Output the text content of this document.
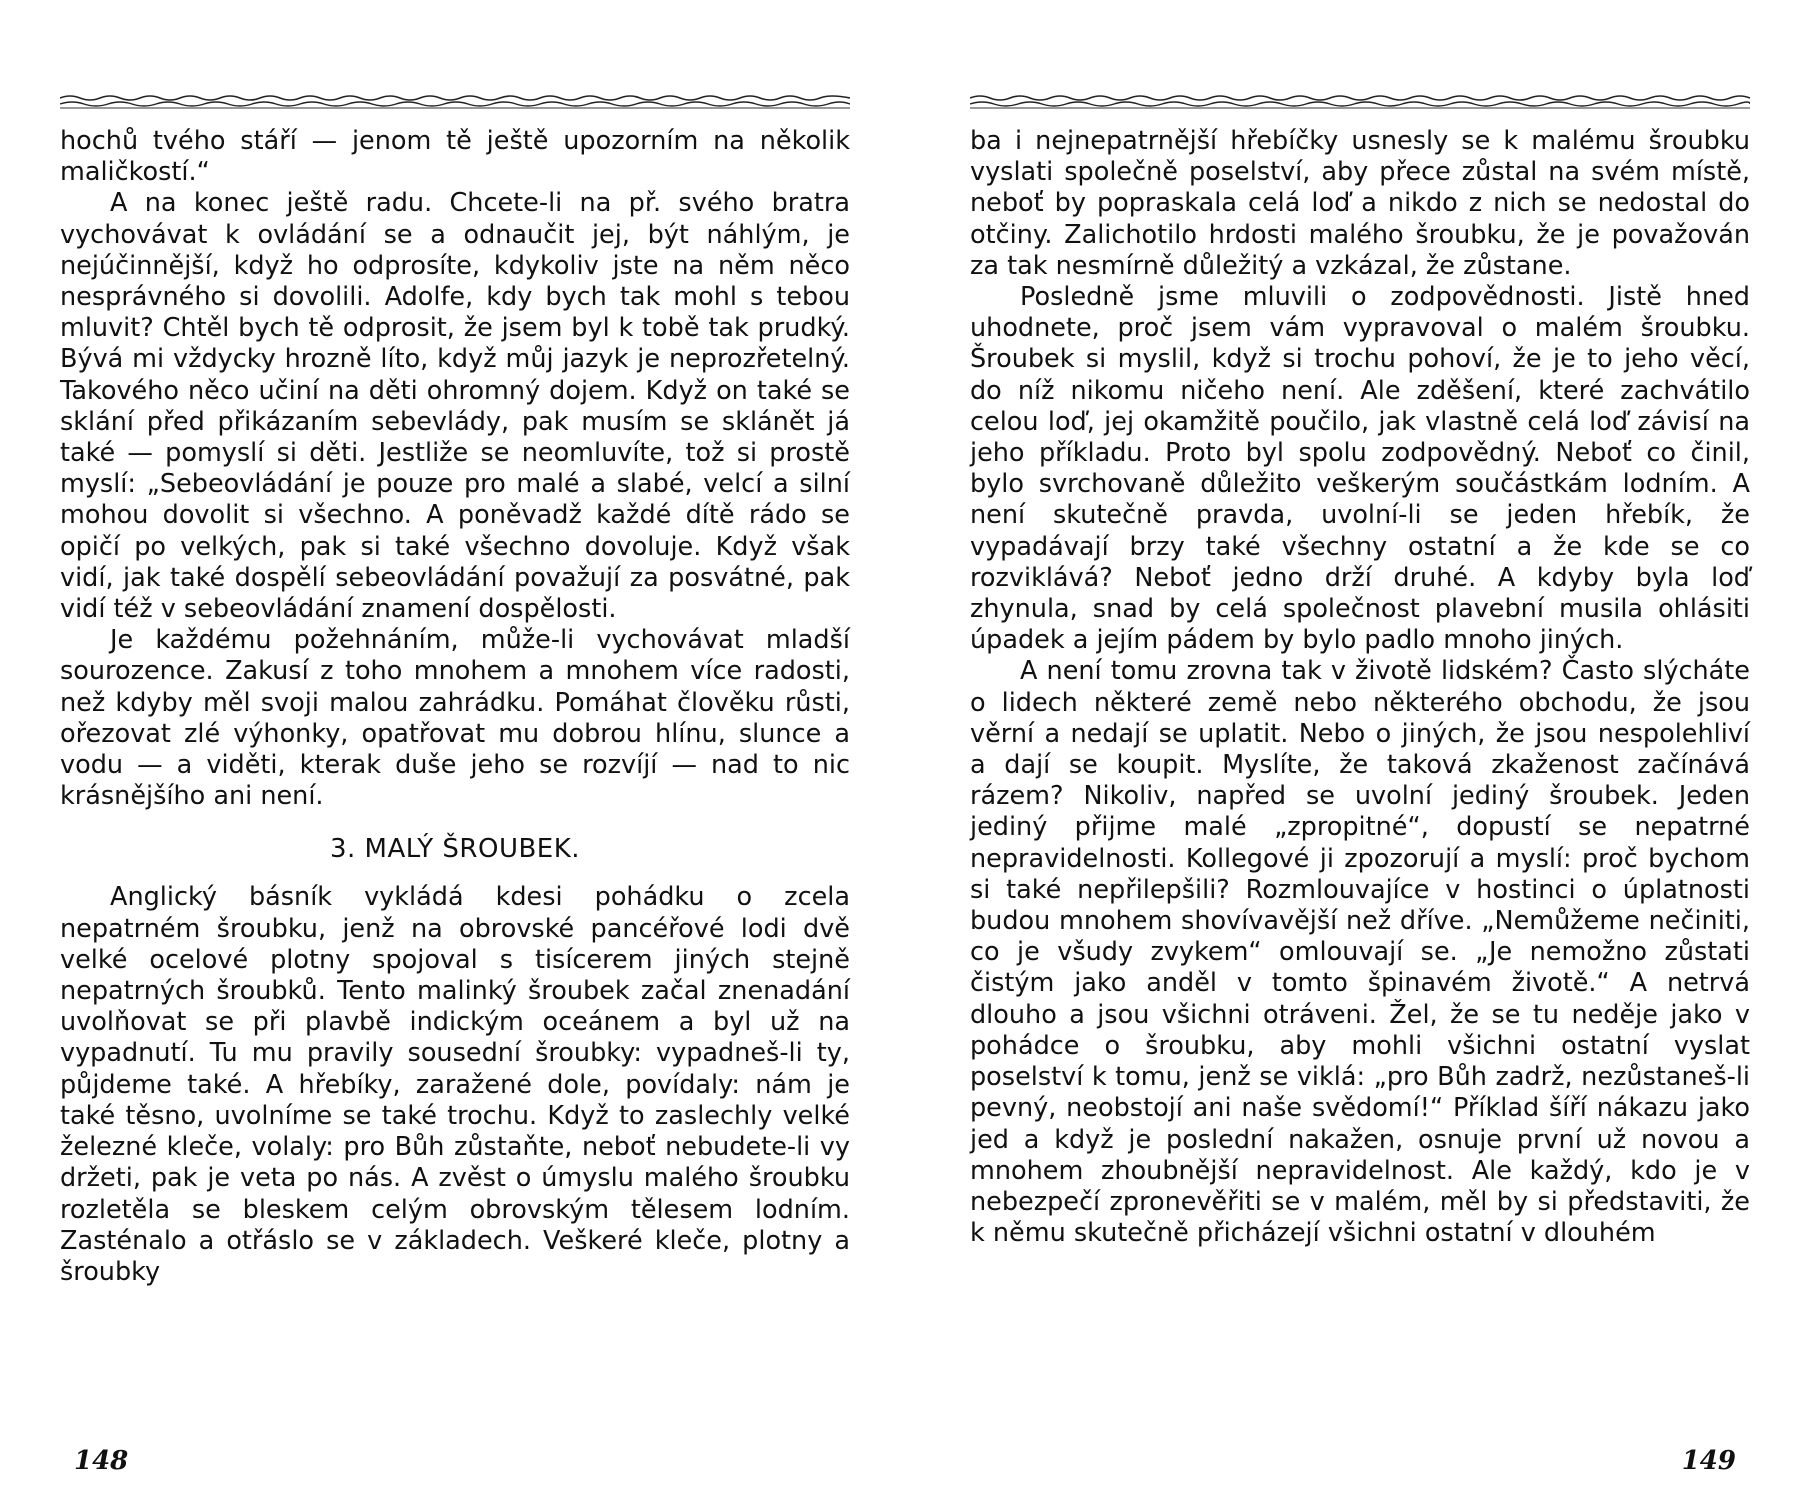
hochů tvého stáří — jenom tě ještě upozorním na několik maličkostí.“

A na konec ještě radu. Chcete-li na př. svého bratra vychovávat k ovládání se a odnaučit jej, být náhlým, je nejúčinnější, když ho odprosíte, kdykoliv jste na něm něco nesprávného si dovolili. Adolfe, kdy bych tak mohl s tebou mluvit? Chtěl bych tě odprosit, že jsem byl k tobě tak prudký. Bývá mi vždycky hrozně líto, když můj jazyk je neprozřetelný. Takového něco učiní na děti ohromný dojem. Když on také se sklání před přikázaním sebevlády, pak musím se sklánět já také — pomyslí si děti. Jestliže se neomluvíte, tož si prostě myslí: „Sebeovládání je pouze pro malé a slabé, velcí a silní mohou dovolit si všechno. A poněvadž každé dítě rádo se opičí po velkých, pak si také všechno dovoluje. Když však vidí, jak také dospělí sebeovládání považují za posvátné, pak vidí též v sebeovládání znamení dospělosti.

Je každému požehnáním, může-li vychovávat mladší sourozence. Zakusí z toho mnohem a mnohem více radosti, než kdyby měl svoji malou zahrádku. Pomáhat člověku růsti, ořezovat zlé výhonky, opatřovat mu dobrou hlínu, slunce a vodu — a viděti, kterak duše jeho se rozvíjí — nad to nic krásnějšího ani není.

3. MALÝ ŠROUBEK.

Anglický básník vykládá kdesi pohádku o zcela nepatrném šroubku, jenž na obrovské pancéřové lodi dvě velké ocelové plotny spojoval s tisícerem jiných stejně nepatrných šroubků. Tento malinký šroubek začal znenadání uvolňovat se při plavbě indickým oceánem a byl už na vypadnutí. Tu mu pravily sousední šroubky: vypadneš-li ty, půjdeme také. A hřebíky, zaražené dole, povídaly: nám je také těsno, uvolníme se také trochu. Když to zaslechly velké železné kleče, volaly: pro Bůh zůstaňte, neboť nebudete-li vy držeti, pak je veta po nás. A zvěst o úmyslu malého šroubku rozletěla se bleskem celým obrovským tělesem lodním. Zasténalo a otřáslo se v základech. Veškeré kleče, plotny a šroubky

148

ba i nejnepatrnější hřebíčky usnesly se k malému šroubku vyslati společně poselství, aby přece zůstal na svém místě, neboť by popraskala celá loď a nikdo z nich se nedostal do otčiny. Zalichotilo hrdosti malého šroubku, že je považován za tak nesmírně důležitý a vzkázal, že zůstane.

Posledně jsme mluvili o zodpovědnosti. Jistě hned uhodnete, proč jsem vám vypravoval o malém šroubku. Šroubek si myslil, když si trochu pohoví, že je to jeho věcí, do níž nikomu ničeho není. Ale zděšení, které zachvátilo celou loď, jej okamžitě poučilo, jak vlastně celá loď závisí na jeho příkladu. Proto byl spolu zodpovědný. Neboť co činil, bylo svrchovaně důležito veškerým součástkám lodním. A není skutečně pravda, uvolní-li se jeden hřebík, že vypadávají brzy také všechny ostatní a že kde se co rozviklává? Neboť jedno drží druhé. A kdyby byla loď zhynula, snad by celá společnost plavební musila ohlásiti úpadek a jejím pádem by bylo padlo mnoho jiných.

A není tomu zrovna tak v životě lidském? Často slýcháte o lidech některé země nebo některého obchodu, že jsou věrní a nedají se uplatit. Nebo o jiných, že jsou nespolehliví a dají se koupit. Myslíte, že taková zkaženost začínává rázem? Nikoliv, napřed se uvolní jediný šroubek. Jeden jediný přijme malé „zpropitné“, dopustí se nepatrné nepravidelnosti. Kollegové ji zpozorují a myslí: proč bychom si také nepřilepšili? Rozmlouvajíce v hostinci o úplatnosti budou mnohem shovívavější než dříve. „Nemůžeme nečiniti, co je všudy zvykem“ omlouvají se. „Je nemožno zůstati čistým jako anděl v tomto špinavém životě.“ A netrvá dlouho a jsou všichni otráveni. Žel, že se tu neděje jako v pohádce o šroubku, aby mohli všichni ostatní vyslat poselství k tomu, jenž se viklá: „pro Bůh zadrž, nezůstaneš-li pevný, neobstojí ani naše svědomí!“ Příklad šíří nákazu jako jed a když je poslední nakažen, osnuje první už novou a mnohem zhoubnější nepravidelnost. Ale každý, kdo je v nebezpečí zpronevěřiti se v malém, měl by si představiti, že k němu skutečně přicházejí všichni ostatní v dlouhém

149
